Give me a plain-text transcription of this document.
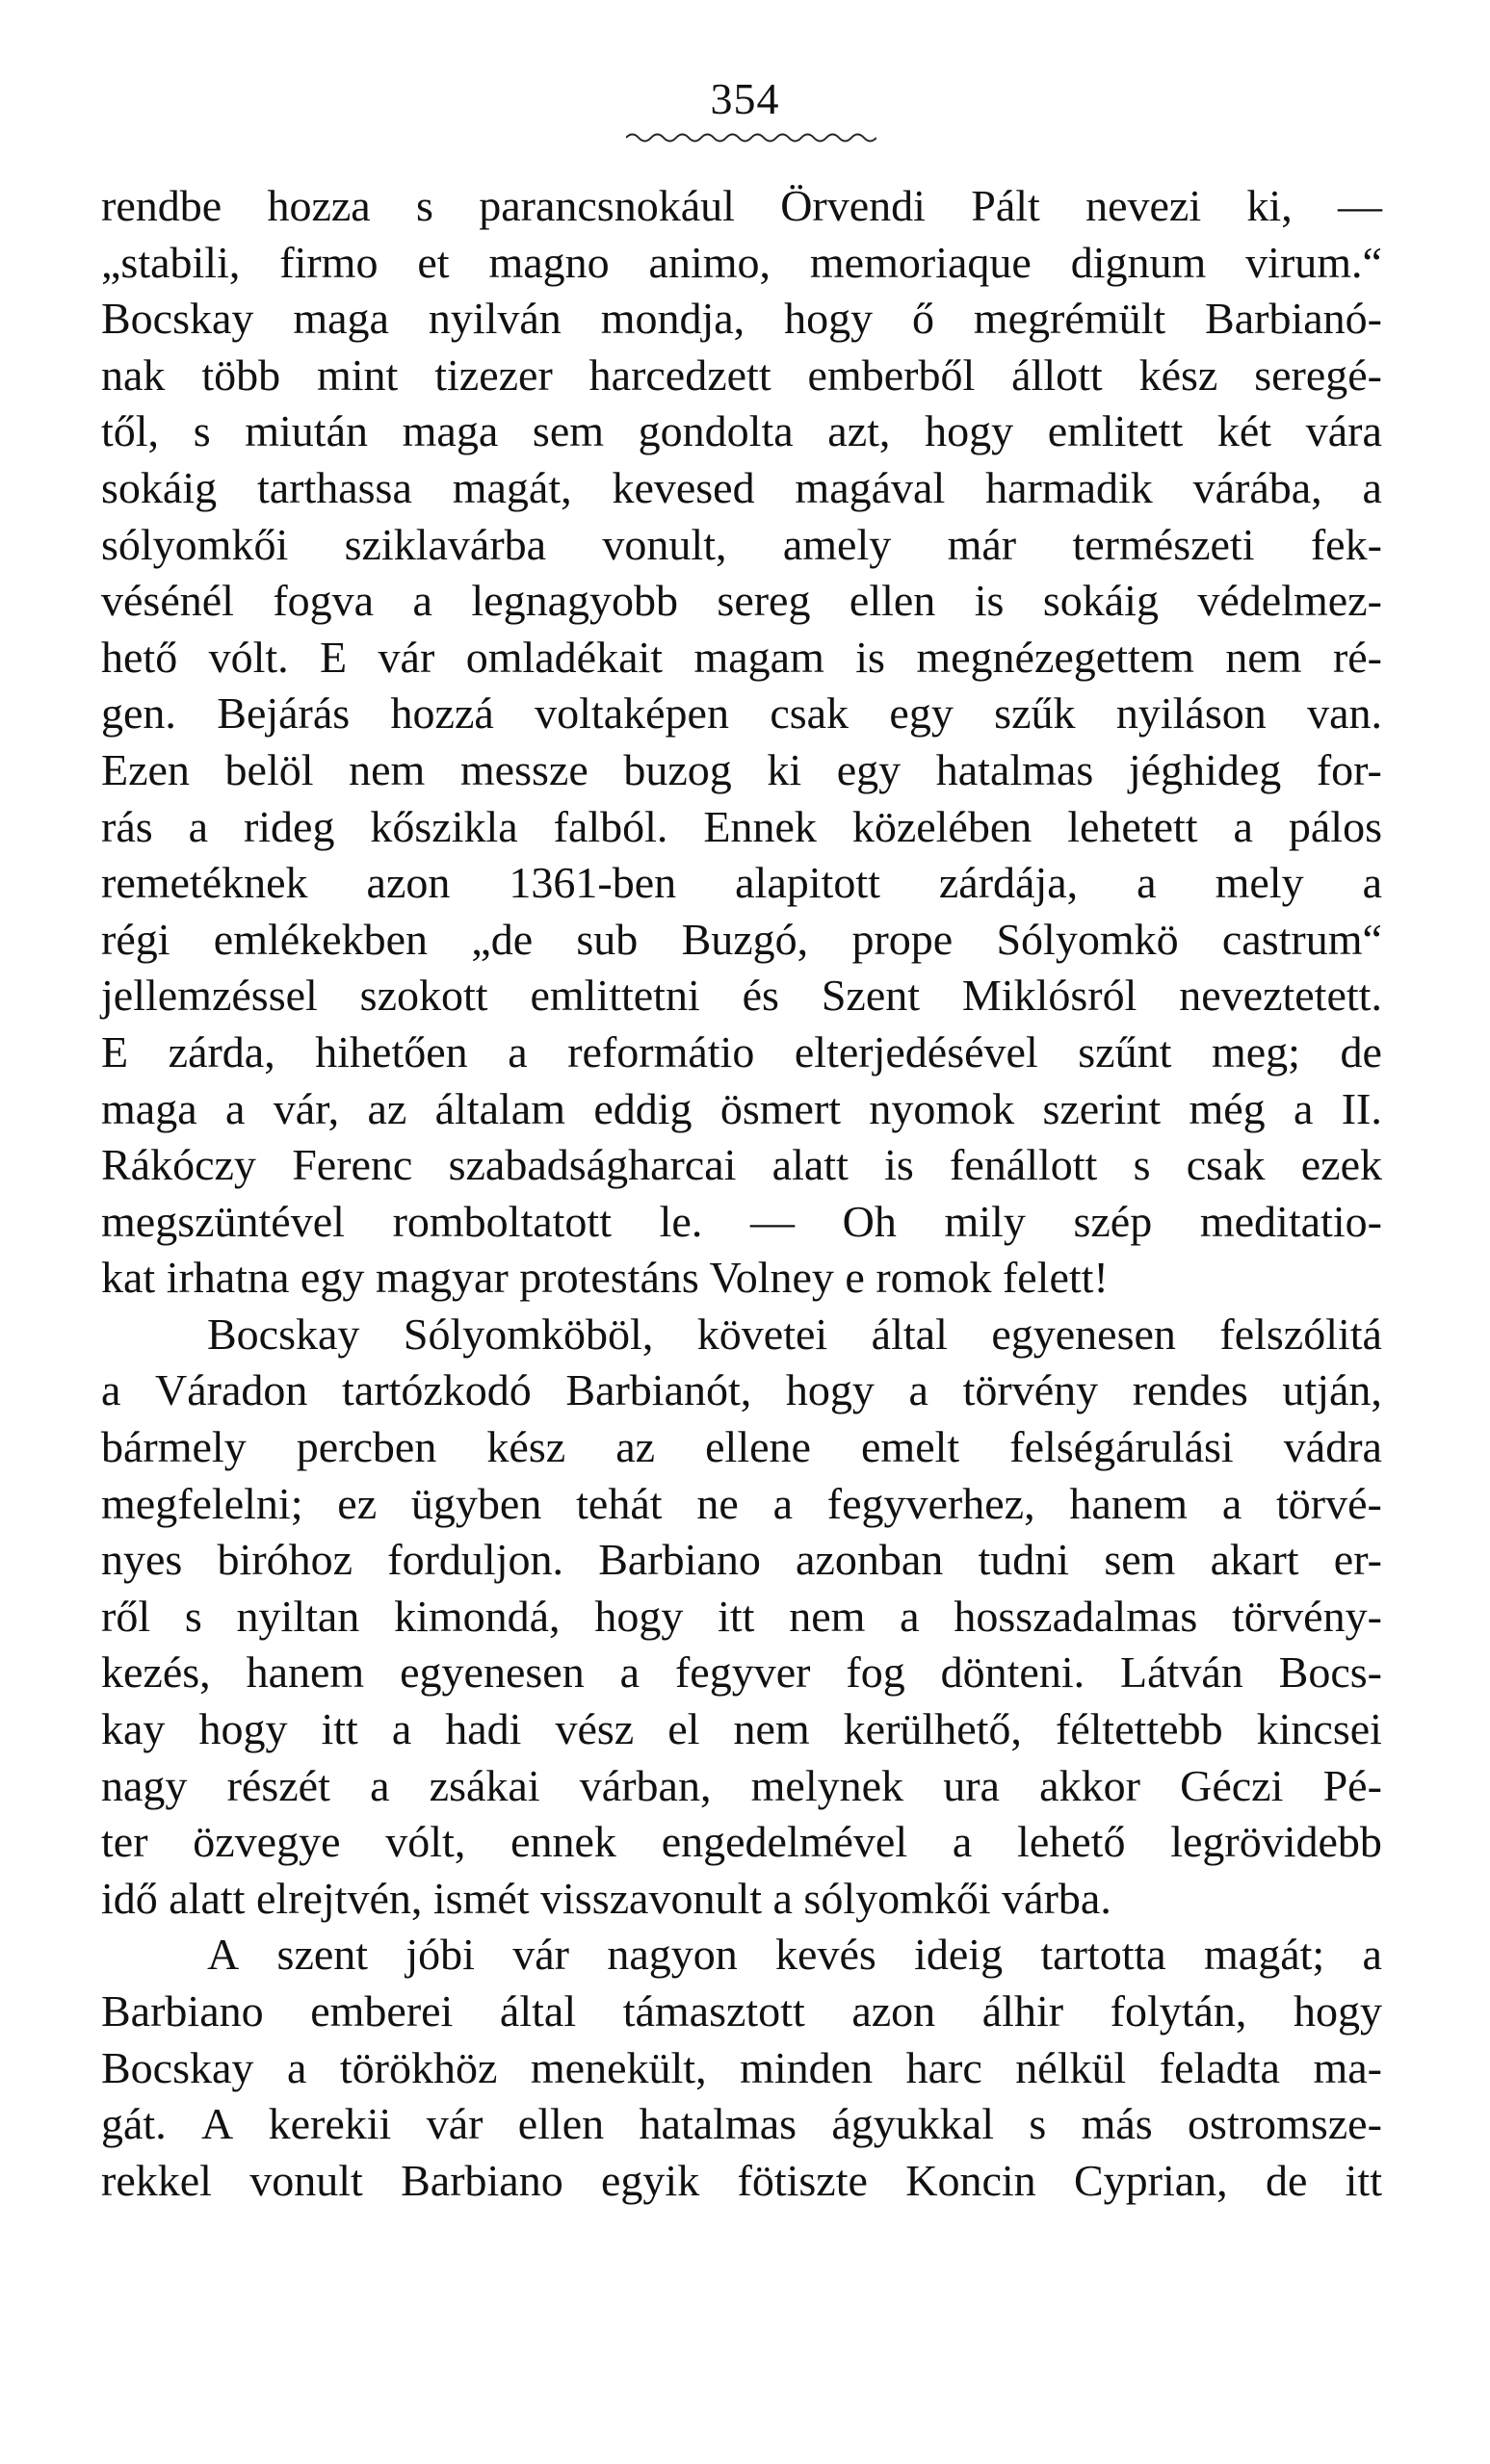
354
rendbe hozza s parancsnokául Örvendi Pált nevezi ki, —
„stabili, firmo et magno animo, memoriaque dignum virum.“
Bocskay maga nyilván mondja, hogy ő megrémült Barbianó-
nak több mint tizezer harcedzett emberből állott kész seregé-
től, s miután maga sem gondolta azt, hogy emlitett két vára
sokáig tarthassa magát, kevesed magával harmadik várába, a
sólyomkői sziklavárba vonult, amely már természeti fek-
vésénél fogva a legnagyobb sereg ellen is sokáig védelmez-
hető vólt. E vár omladékait magam is megnézegettem nem ré-
gen. Bejárás hozzá voltaképen csak egy szűk nyiláson van.
Ezen belöl nem messze buzog ki egy hatalmas jéghideg for-
rás a rideg kőszikla falból. Ennek közelében lehetett a pálos
remetéknek azon 1361-ben alapitott zárdája, a mely a
régi emlékekben „de sub Buzgó, prope Sólyomkö castrum“
jellemzéssel szokott emlittetni és Szent Miklósról neveztetett.
E zárda, hihetően a reformátio elterjedésével szűnt meg; de
maga a vár, az általam eddig ösmert nyomok szerint még a II.
Rákóczy Ferenc szabadságharcai alatt is fenállott s csak ezek
megszüntével romboltatott le. — Oh mily szép meditatio-
kat irhatna egy magyar protestáns Volney e romok felett!
Bocskay Sólyomköböl, követei által egyenesen felszólitá
a Váradon tartózkodó Barbianót, hogy a törvény rendes utján,
bármely percben kész az ellene emelt felségárulási vádra
megfelelni; ez ügyben tehát ne a fegyverhez, hanem a törvé-
nyes biróhoz forduljon. Barbiano azonban tudni sem akart er-
ről s nyiltan kimondá, hogy itt nem a hosszadalmas törvény-
kezés, hanem egyenesen a fegyver fog dönteni. Látván Bocs-
kay hogy itt a hadi vész el nem kerülhető, féltettebb kincsei
nagy részét a zsákai várban, melynek ura akkor Géczi Pé-
ter özvegye vólt, ennek engedelmével a lehető legrövidebb
idő alatt elrejtvén, ismét visszavonult a sólyomkői várba.
A szent jóbi vár nagyon kevés ideig tartotta magát; a
Barbiano emberei által támasztott azon álhir folytán, hogy
Bocskay a törökhöz menekült, minden harc nélkül feladta ma-
gát. A kerekii vár ellen hatalmas ágyukkal s más ostromsze-
rekkel vonult Barbiano egyik fötiszte Koncin Cyprian, de itt
